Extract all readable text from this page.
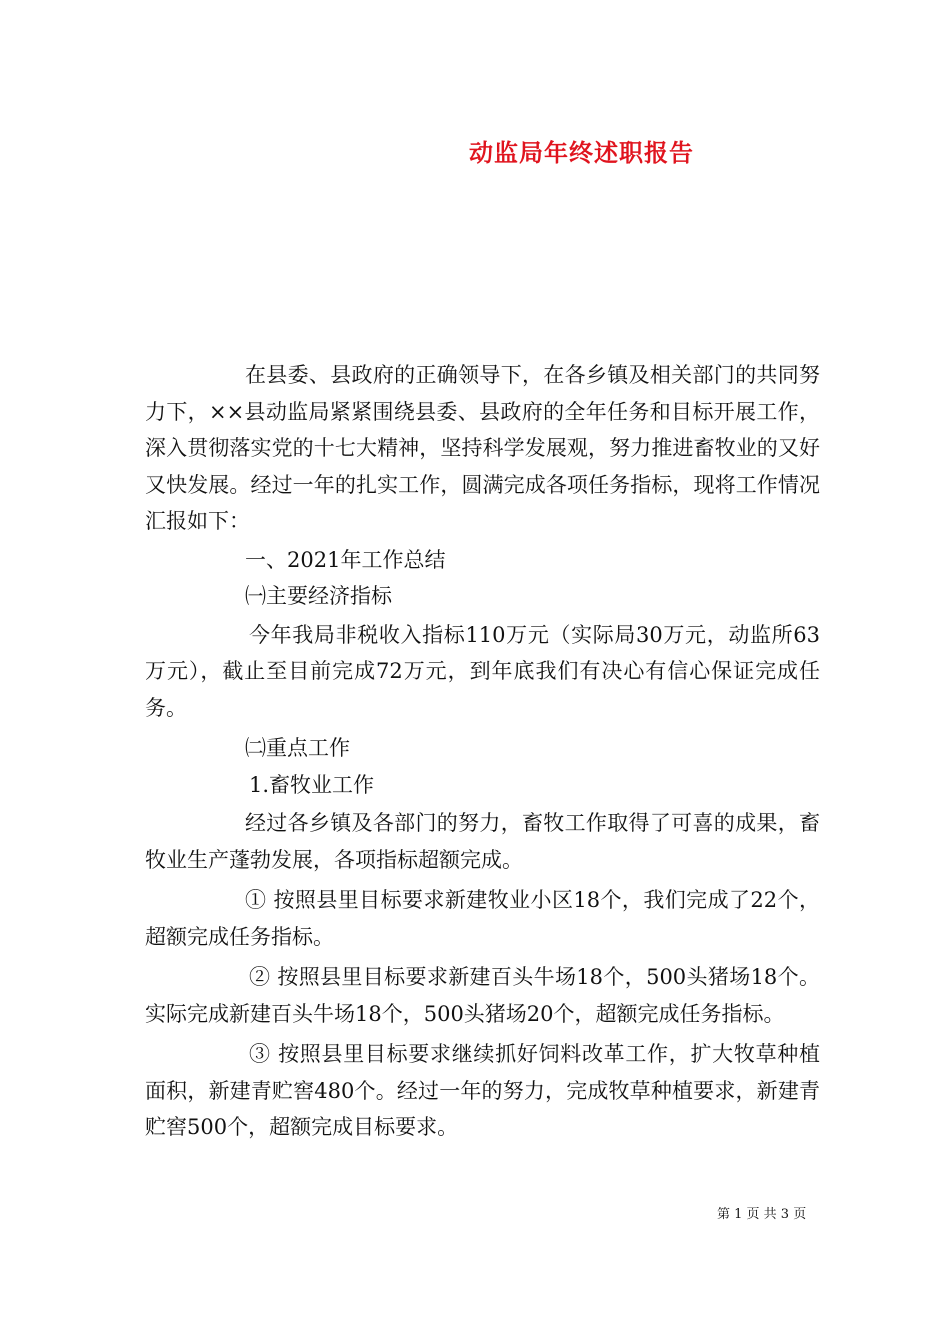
动监局年终述职报告

在县委、县政府的正确领导下，在各乡镇及相关部门的共同努力下，××县动监局紧紧围绕县委、县政府的全年任务和目标开展工作，深入贯彻落实党的十七大精神，坚持科学发展观，努力推进畜牧业的又好又快发展。经过一年的扎实工作，圆满完成各项任务指标，现将工作情况汇报如下：

一、2021年工作总结

㈠主要经济指标

今年我局非税收入指标110万元（实际局30万元，动监所63万元），截止至目前完成72万元，到年底我们有决心有信心保证完成任务。

㈡重点工作

1.畜牧业工作

经过各乡镇及各部门的努力，畜牧工作取得了可喜的成果，畜牧业生产蓬勃发展，各项指标超额完成。

① 按照县里目标要求新建牧业小区18个，我们完成了22个，超额完成任务指标。

② 按照县里目标要求新建百头牛场18个，500头猪场18个。实际完成新建百头牛场18个，500头猪场20个，超额完成任务指标。

③ 按照县里目标要求继续抓好饲料改革工作，扩大牧草种植面积，新建青贮窖480个。经过一年的努力，完成牧草种植要求，新建青贮窖500个，超额完成目标要求。

第 1 页 共 3 页
